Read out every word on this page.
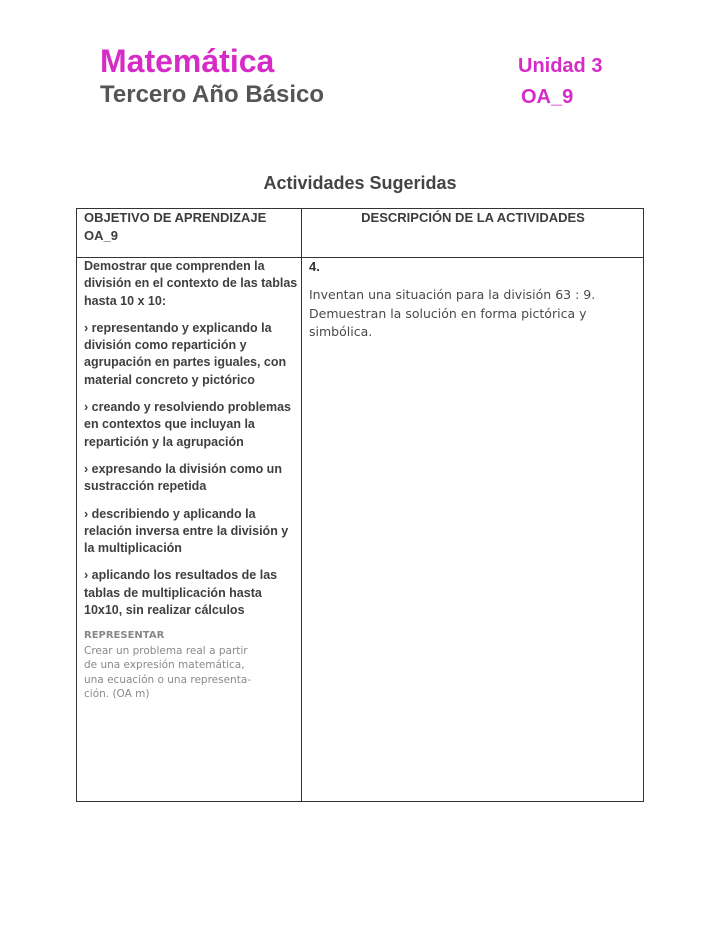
Matemática
Tercero Año Básico
Unidad 3
OA_9
Actividades Sugeridas
OBJETIVO DE APRENDIZAJE
OA_9
DESCRIPCIÓN DE LA ACTIVIDADES

Demostrar que comprenden la división en el contexto de las tablas hasta 10 x 10:

› representando y explicando la división como repartición y agrupación en partes iguales, con material concreto y pictórico

› creando y resolviendo problemas en contextos que incluyan la repartición y la agrupación

› expresando la división como un sustracción repetida

› describiendo y aplicando la relación inversa entre la división y la multiplicación

› aplicando los resultados de las tablas de multiplicación hasta 10x10, sin realizar cálculos

REPRESENTAR
Crear un problema real a partir
de una expresión matemática,
una ecuación o una representa-
ción. (OA m)

4.

Inventan una situación para la división 63 : 9.
Demuestran la solución en forma pictórica y
simbólica.
